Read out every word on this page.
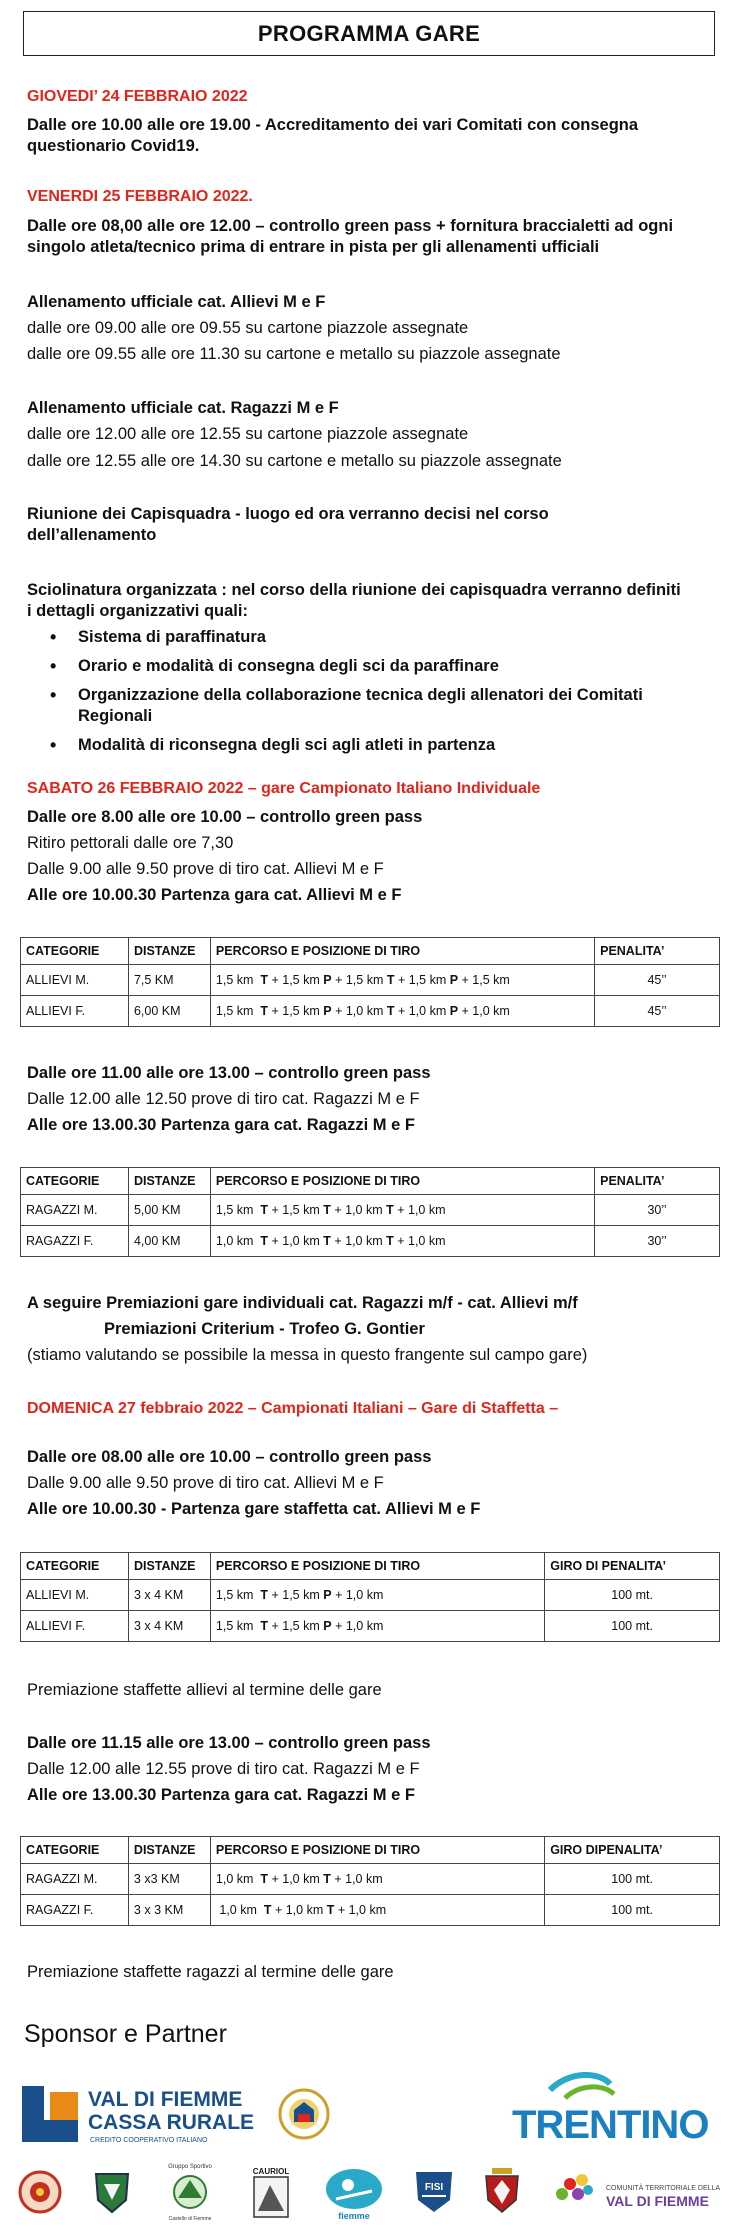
PROGRAMMA GARE
GIOVEDI’ 24 FEBBRAIO 2022
Dalle ore 10.00 alle ore 19.00 - Accreditamento dei vari Comitati con consegna
questionario Covid19.
VENERDI 25 FEBBRAIO 2022.
Dalle ore 08,00 alle ore 12.00 – controllo green pass + fornitura braccialetti ad ogni
singolo atleta/tecnico prima di entrare in pista per gli allenamenti ufficiali
Allenamento ufficiale cat. Allievi M e F
dalle ore 09.00 alle ore 09.55 su cartone piazzole assegnate
dalle ore 09.55 alle ore 11.30 su cartone e metallo su piazzole assegnate
Allenamento ufficiale cat. Ragazzi M e F
dalle ore 12.00 alle ore 12.55 su cartone piazzole assegnate
dalle ore 12.55 alle ore 14.30 su cartone e metallo su piazzole assegnate
Riunione dei Capisquadra - luogo ed ora verranno decisi nel corso
dell’allenamento
Sciolinatura organizzata : nel corso della riunione dei capisquadra verranno definiti
i dettagli organizzativi quali:
• Sistema di paraffinatura
• Orario e modalità di consegna degli sci da paraffinare
• Organizzazione della collaborazione tecnica degli allenatori dei Comitati Regionali
• Modalità di riconsegna degli sci agli atleti in partenza
SABATO 26 FEBBRAIO 2022 – gare Campionato Italiano Individuale
Dalle ore 8.00 alle ore 10.00 – controllo green pass
Ritiro pettorali dalle ore 7,30
Dalle 9.00 alle 9.50 prove di tiro cat. Allievi M e F
Alle ore 10.00.30 Partenza gara cat. Allievi M e F
CATEGORIE	DISTANZE	PERCORSO E POSIZIONE DI TIRO	PENALITA’
ALLIEVI M.	7,5 KM	1,5 km  T + 1,5 km P + 1,5 km T + 1,5 km P + 1,5 km	45’’
ALLIEVI F.	6,00 KM	1,5 km  T + 1,5 km P + 1,0 km T + 1,0 km P + 1,0 km	45’’
Dalle ore 11.00 alle ore 13.00 – controllo green pass
Dalle 12.00 alle 12.50 prove di tiro cat. Ragazzi M e F
Alle ore 13.00.30 Partenza gara cat. Ragazzi M e F
CATEGORIE	DISTANZE	PERCORSO E POSIZIONE DI TIRO	PENALITA’
RAGAZZI M.	5,00 KM	1,5 km  T + 1,5 km T + 1,0 km T + 1,0 km	30’’
RAGAZZI F.	4,00 KM	1,0 km  T + 1,0 km T + 1,0 km T + 1,0 km	30’’
A seguire Premiazioni gare individuali cat. Ragazzi m/f - cat. Allievi m/f
Premiazioni Criterium - Trofeo G. Gontier
(stiamo valutando se possibile la messa in questo frangente sul campo gare)
DOMENICA 27 febbraio 2022 – Campionati Italiani – Gare di Staffetta –
Dalle ore 08.00 alle ore 10.00 – controllo green pass
Dalle 9.00 alle 9.50 prove di tiro cat. Allievi M e F
Alle ore 10.00.30 - Partenza gare staffetta cat. Allievi M e F
CATEGORIE	DISTANZE	PERCORSO E POSIZIONE DI TIRO	GIRO DI PENALITA’
ALLIEVI M.	3 x 4 KM	1,5 km  T + 1,5 km P + 1,0 km	100 mt.
ALLIEVI F.	3 x 4 KM	1,5 km  T + 1,5 km P + 1,0 km	100 mt.
Premiazione staffette allievi al termine delle gare
Dalle ore 11.15 alle ore 13.00 – controllo green pass
Dalle 12.00 alle 12.55 prove di tiro cat. Ragazzi M e F
Alle ore 13.00.30 Partenza gara cat. Ragazzi M e F
CATEGORIE	DISTANZE	PERCORSO E POSIZIONE DI TIRO	GIRO DIPENALITA’
RAGAZZI M.	3 x3 KM	1,0 km  T + 1,0 km T + 1,0 km	100 mt.
RAGAZZI F.	3 x 3 KM	1,0 km  T + 1,0 km T + 1,0 km	100 mt.
Premiazione staffette ragazzi al termine delle gare
Sponsor e Partner
VAL DI FIEMME
CASSA RURALE
CREDITO COOPERATIVO ITALIANO	TRENTINO
Gruppo Sportivo
Castello di Fiemme
CAURIOL
fiemme
FISI	COMUNITÀ TERRITORIALE DELLA
VAL DI FIEMME
